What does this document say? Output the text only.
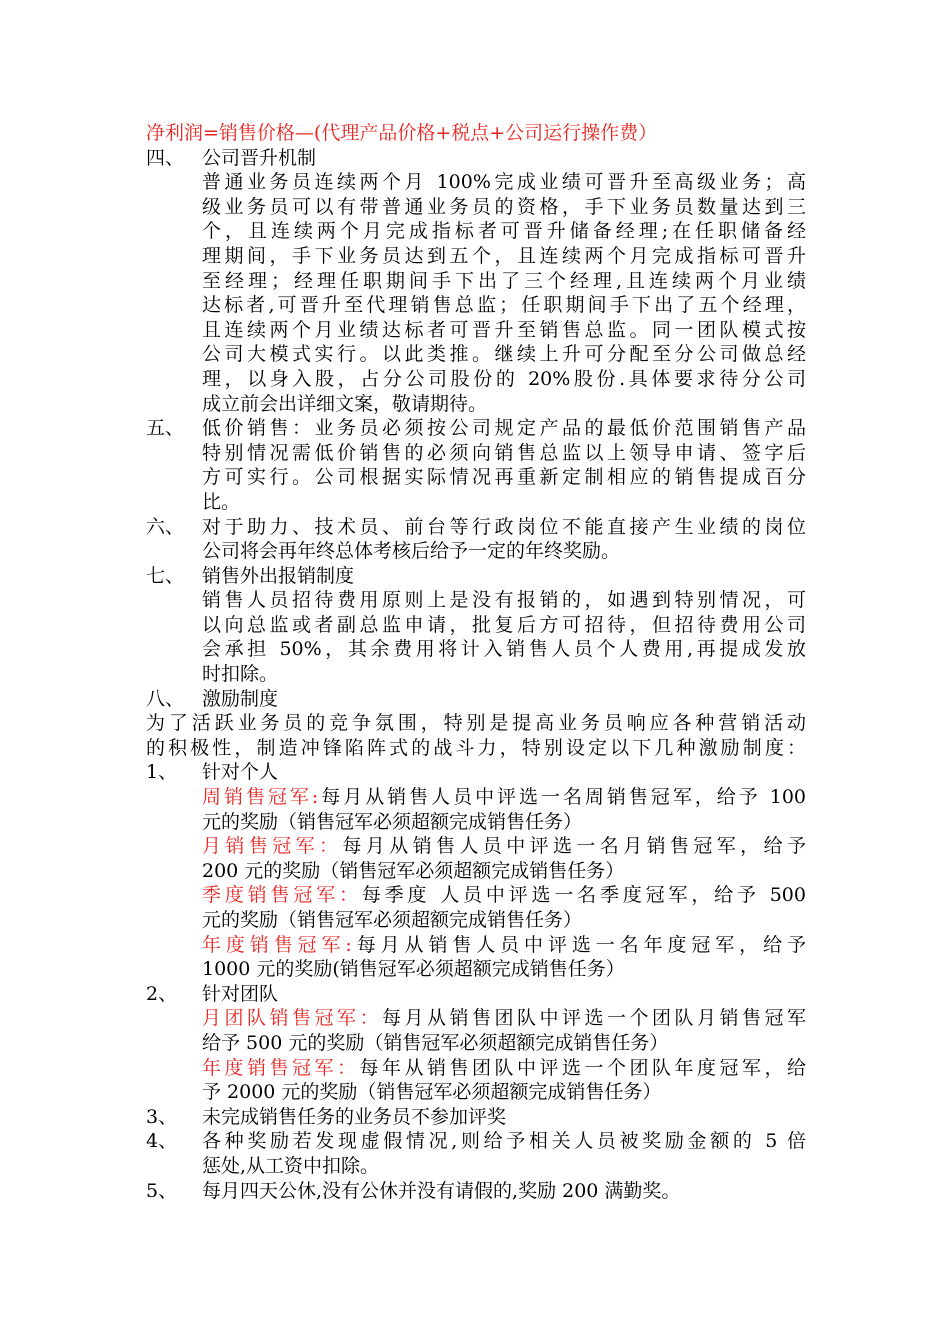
净利润=销售价格—(代理产品价格+税点+公司运行操作费）
四、 公司晋升机制
普通业务员连续两个月 100%完成业绩可晋升至高级业务；高
级业务员可以有带普通业务员的资格，手下业务员数量达到三
个，且连续两个月完成指标者可晋升储备经理;在任职储备经
理期间，手下业务员达到五个，且连续两个月完成指标可晋升
至经理；经理任职期间手下出了三个经理,且连续两个月业绩
达标者,可晋升至代理销售总监；任职期间手下出了五个经理，
且连续两个月业绩达标者可晋升至销售总监。同一团队模式按
公司大模式实行。以此类推。继续上升可分配至分公司做总经
理，以身入股，占分公司股份的 20%股份.具体要求待分公司
成立前会出详细文案，敬请期待。
五、 低价销售：业务员必须按公司规定产品的最低价范围销售产品
特别情况需低价销售的必须向销售总监以上领导申请、签字后
方可实行。公司根据实际情况再重新定制相应的销售提成百分
比。
六、 对于助力、技术员、前台等行政岗位不能直接产生业绩的岗位
公司将会再年终总体考核后给予一定的年终奖励。
七、 销售外出报销制度
销售人员招待费用原则上是没有报销的，如遇到特别情况，可
以向总监或者副总监申请，批复后方可招待，但招待费用公司
会承担 50%，其余费用将计入销售人员个人费用,再提成发放
时扣除。
八、 激励制度
为了活跃业务员的竞争氛围，特别是提高业务员响应各种营销活动
的积极性，制造冲锋陷阵式的战斗力，特别设定以下几种激励制度：
1、 针对个人
周销售冠军:每月从销售人员中评选一名周销售冠军，给予 100
元的奖励（销售冠军必须超额完成销售任务）
月销售冠军：每月从销售人员中评选一名月销售冠军，给予
200 元的奖励（销售冠军必须超额完成销售任务）
季度销售冠军：每季度 人员中评选一名季度冠军，给予 500
元的奖励（销售冠军必须超额完成销售任务）
年度销售冠军:每月从销售人员中评选一名年度冠军，给予
1000 元的奖励(销售冠军必须超额完成销售任务）
2、 针对团队
月团队销售冠军：每月从销售团队中评选一个团队月销售冠军
给予 500 元的奖励（销售冠军必须超额完成销售任务）
年度销售冠军：每年从销售团队中评选一个团队年度冠军，给
予 2000 元的奖励（销售冠军必须超额完成销售任务）
3、 未完成销售任务的业务员不参加评奖
4、 各种奖励若发现虚假情况,则给予相关人员被奖励金额的 5 倍
惩处,从工资中扣除。
5、 每月四天公休,没有公休并没有请假的,奖励 200 满勤奖。
